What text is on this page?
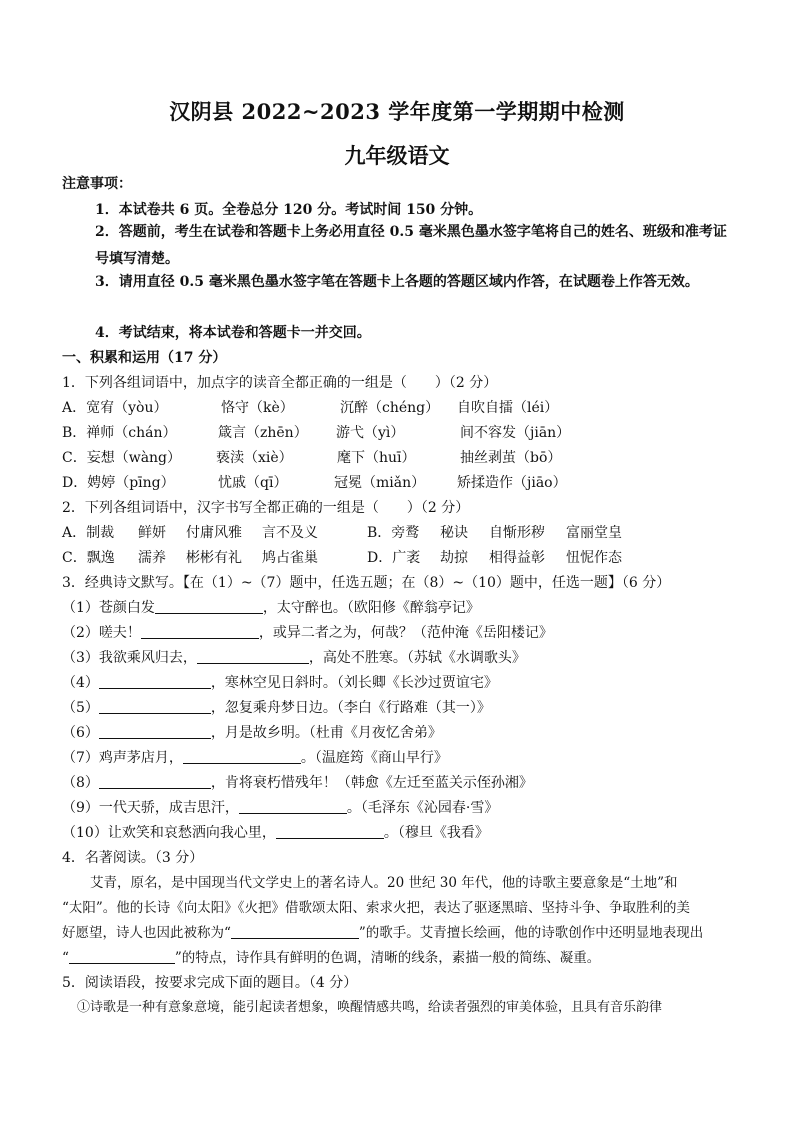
汉阴县 2022~2023 学年度第一学期期中检测
九年级语文
注意事项：
1．本试卷共 6 页。全卷总分 120 分。考试时间 150 分钟。
2．答题前，考生在试卷和答题卡上务必用直径 0.5 毫米黑色墨水签字笔将自己的姓名、班级和准考证号填写清楚。
3．请用直径 0.5 毫米黑色墨水签字笔在答题卡上各题的答题区域内作答，在试题卷上作答无效。
4．考试结束，将本试卷和答题卡一并交回。
一、积累和运用（17 分）
1．下列各组词语中，加点字的读音全都正确的一组是（　　）（2 分）
A．宽宥（yòu）	恪守（kè）	沉醉（chéng） 自吹自擂（léi）
B．禅师（chán）	箴言（zhēn） 游弋（yì）	间不容发（jiān）
C．妄想（wàng） 亵渎（xiè）	麾下（huī）	抽丝剥茧（bō）
D．娉婷（pīng）	忧戚（qī）	冠冕（miǎn） 矫揉造作（jiāo）
2．下列各组词语中，汉字书写全都正确的一组是（　　）（2 分）
A．制裁 鲜妍 付庸风雅 言不及义	B．旁鹜 秘诀 自惭形秽 富丽堂皇
C．飘逸 濡养 彬彬有礼 鸠占雀巢	D．广袤 劫掠 相得益彰 忸怩作态
3．经典诗文默写。【在（1）~（7）题中，任选五题；在（8）~（10）题中，任选一题】（6 分）
（1）苍颜白发	，太守醉也。（欧阳修《醉翁亭记》
（2）嗟夫！	，或异二者之为，何哉？（范仲淹《岳阳楼记》
（3）我欲乘风归去，	，高处不胜寒。（苏轼《水调歌头》
（4）	，寒林空见日斜时。（刘长卿《长沙过贾谊宅》
（5）	，忽复乘舟梦日边。（李白《行路难（其一）》
（6）	，月是故乡明。（杜甫《月夜忆舍弟》
（7）鸡声茅店月，	。（温庭筠《商山早行》
（8）	，肯将衰朽惜残年！（韩愈《左迁至蓝关示侄孙湘》
（9）一代天骄，成吉思汗，	。（毛泽东《沁园春·雪》
（10）让欢笑和哀愁洒向我心里，	。（穆旦《我看》
4．名著阅读。（3 分）
艾青，原名，是中国现当代文学史上的著名诗人。20 世纪 30 年代，他的诗歌主要意象是“土地”和
“太阳”。他的长诗《向太阳》《火把》借歌颂太阳、索求火把，表达了驱逐黑暗、坚持斗争、争取胜利的美
好愿望，诗人也因此被称为“	”的歌手。艾青擅长绘画，他的诗歌创作中还明显地表现出
“	”的特点，诗作具有鲜明的色调，清晰的线条，素描一般的简练、凝重。
5．阅读语段，按要求完成下面的题目。（4 分）
①诗歌是一种有意象意境，能引起读者想象，唤醒情感共鸣，给读者强烈的审美体验，且具有音乐韵律
